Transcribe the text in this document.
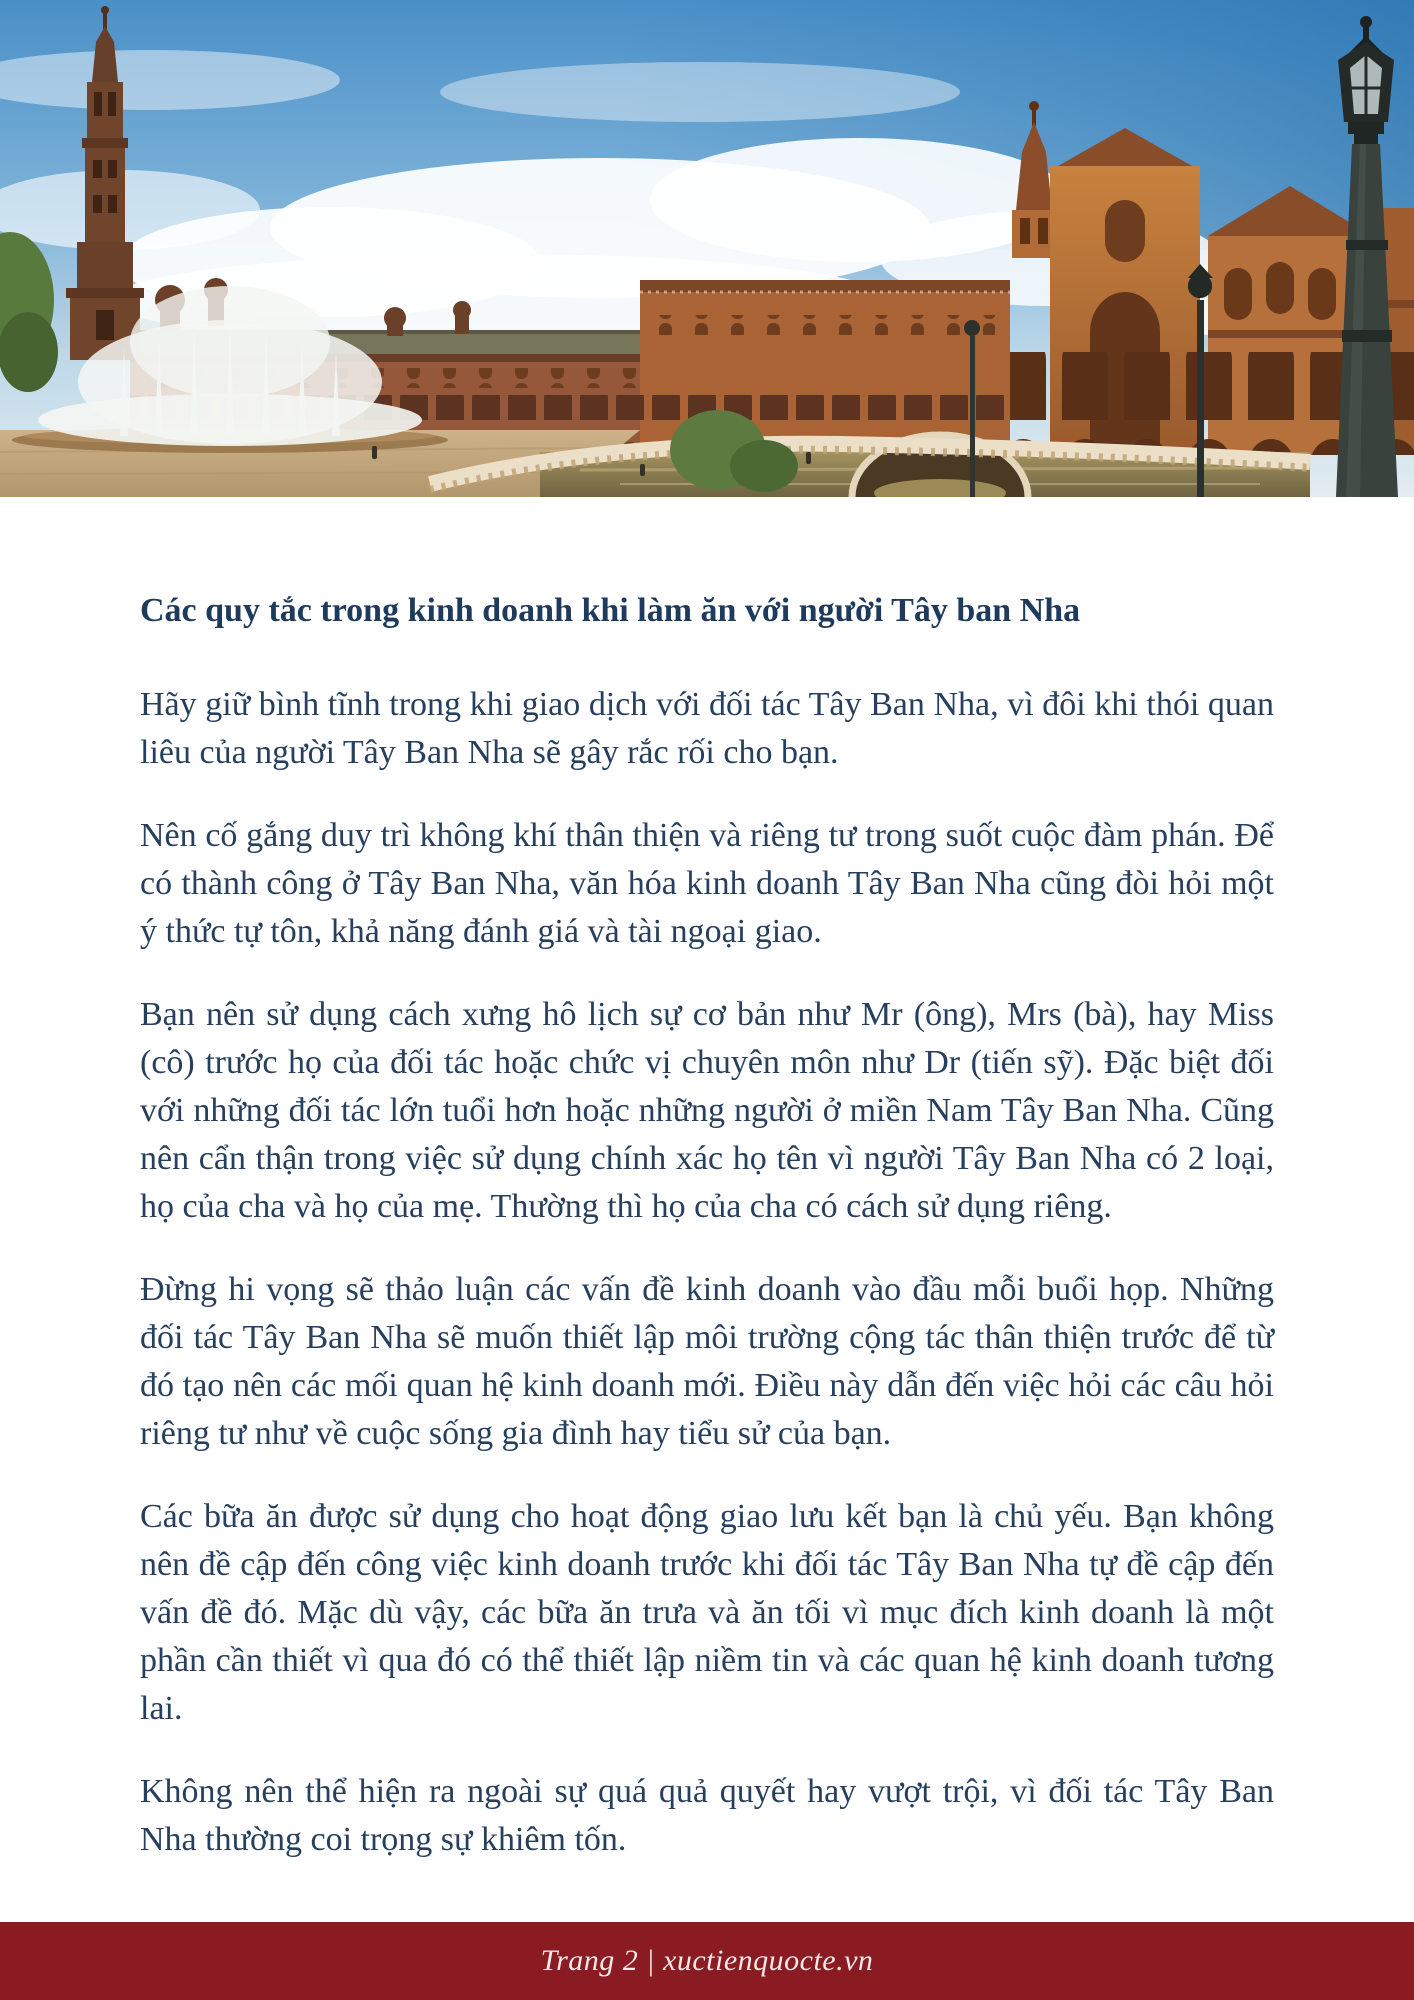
Các quy tắc trong kinh doanh khi làm ăn với người Tây ban Nha

Hãy giữ bình tĩnh trong khi giao dịch với đối tác Tây Ban Nha, vì đôi khi thói quan liêu của người Tây Ban Nha sẽ gây rắc rối cho bạn.

Nên cố gắng duy trì không khí thân thiện và riêng tư trong suốt cuộc đàm phán. Để có thành công ở Tây Ban Nha, văn hóa kinh doanh Tây Ban Nha cũng đòi hỏi một ý thức tự tôn, khả năng đánh giá và tài ngoại giao.

Bạn nên sử dụng cách xưng hô lịch sự cơ bản như Mr (ông), Mrs (bà), hay Miss (cô) trước họ của đối tác hoặc chức vị chuyên môn như Dr (tiến sỹ). Đặc biệt đối với những đối tác lớn tuổi hơn hoặc những người ở miền Nam Tây Ban Nha. Cũng nên cẩn thận trong việc sử dụng chính xác họ tên vì người Tây Ban Nha có 2 loại, họ của cha và họ của mẹ. Thường thì họ của cha có cách sử dụng riêng.

Đừng hi vọng sẽ thảo luận các vấn đề kinh doanh vào đầu mỗi buổi họp. Những đối tác Tây Ban Nha sẽ muốn thiết lập môi trường cộng tác thân thiện trước để từ đó tạo nên các mối quan hệ kinh doanh mới. Điều này dẫn đến việc hỏi các câu hỏi riêng tư như về cuộc sống gia đình hay tiểu sử của bạn.

Các bữa ăn được sử dụng cho hoạt động giao lưu kết bạn là chủ yếu. Bạn không nên đề cập đến công việc kinh doanh trước khi đối tác Tây Ban Nha tự đề cập đến vấn đề đó. Mặc dù vậy, các bữa ăn trưa và ăn tối vì mục đích kinh doanh là một phần cần thiết vì qua đó có thể thiết lập niềm tin và các quan hệ kinh doanh tương lai.

Không nên thể hiện ra ngoài sự quá quả quyết hay vượt trội, vì đối tác Tây Ban Nha thường coi trọng sự khiêm tốn.

Trang 2 | xuctienquocte.vn
